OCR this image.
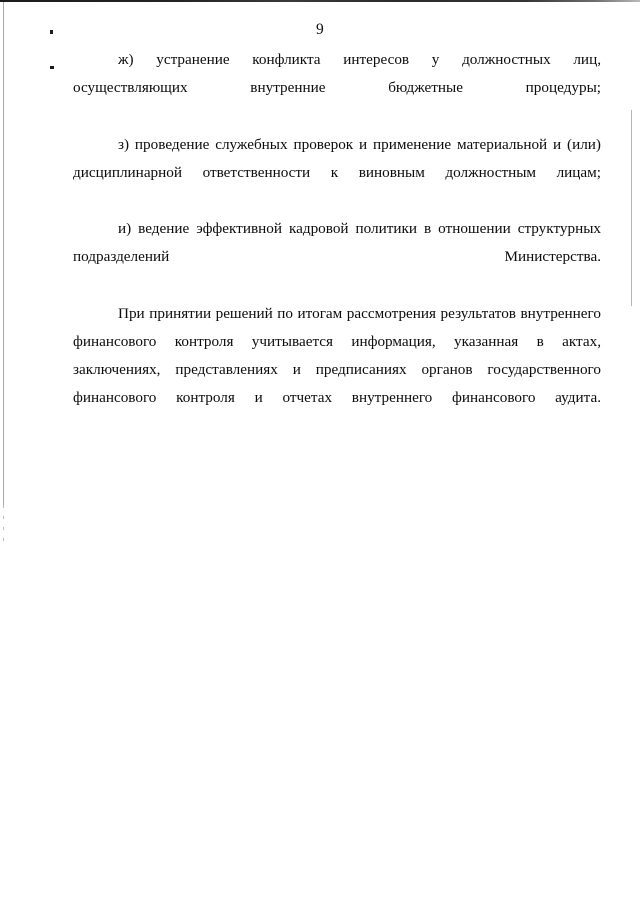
9

ж) устранение конфликта интересов у должностных лиц, осуществляющих внутренние бюджетные процедуры;

з) проведение служебных проверок и применение материальной и (или) дисциплинарной ответственности к виновным должностным лицам;

и) ведение эффективной кадровой политики в отношении структурных подразделений Министерства.

При принятии решений по итогам рассмотрения результатов внутреннего финансового контроля учитывается информация, указанная в актах, заключениях, представлениях и предписаниях органов государственного финансового контроля и отчетах внутреннего финансового аудита.
